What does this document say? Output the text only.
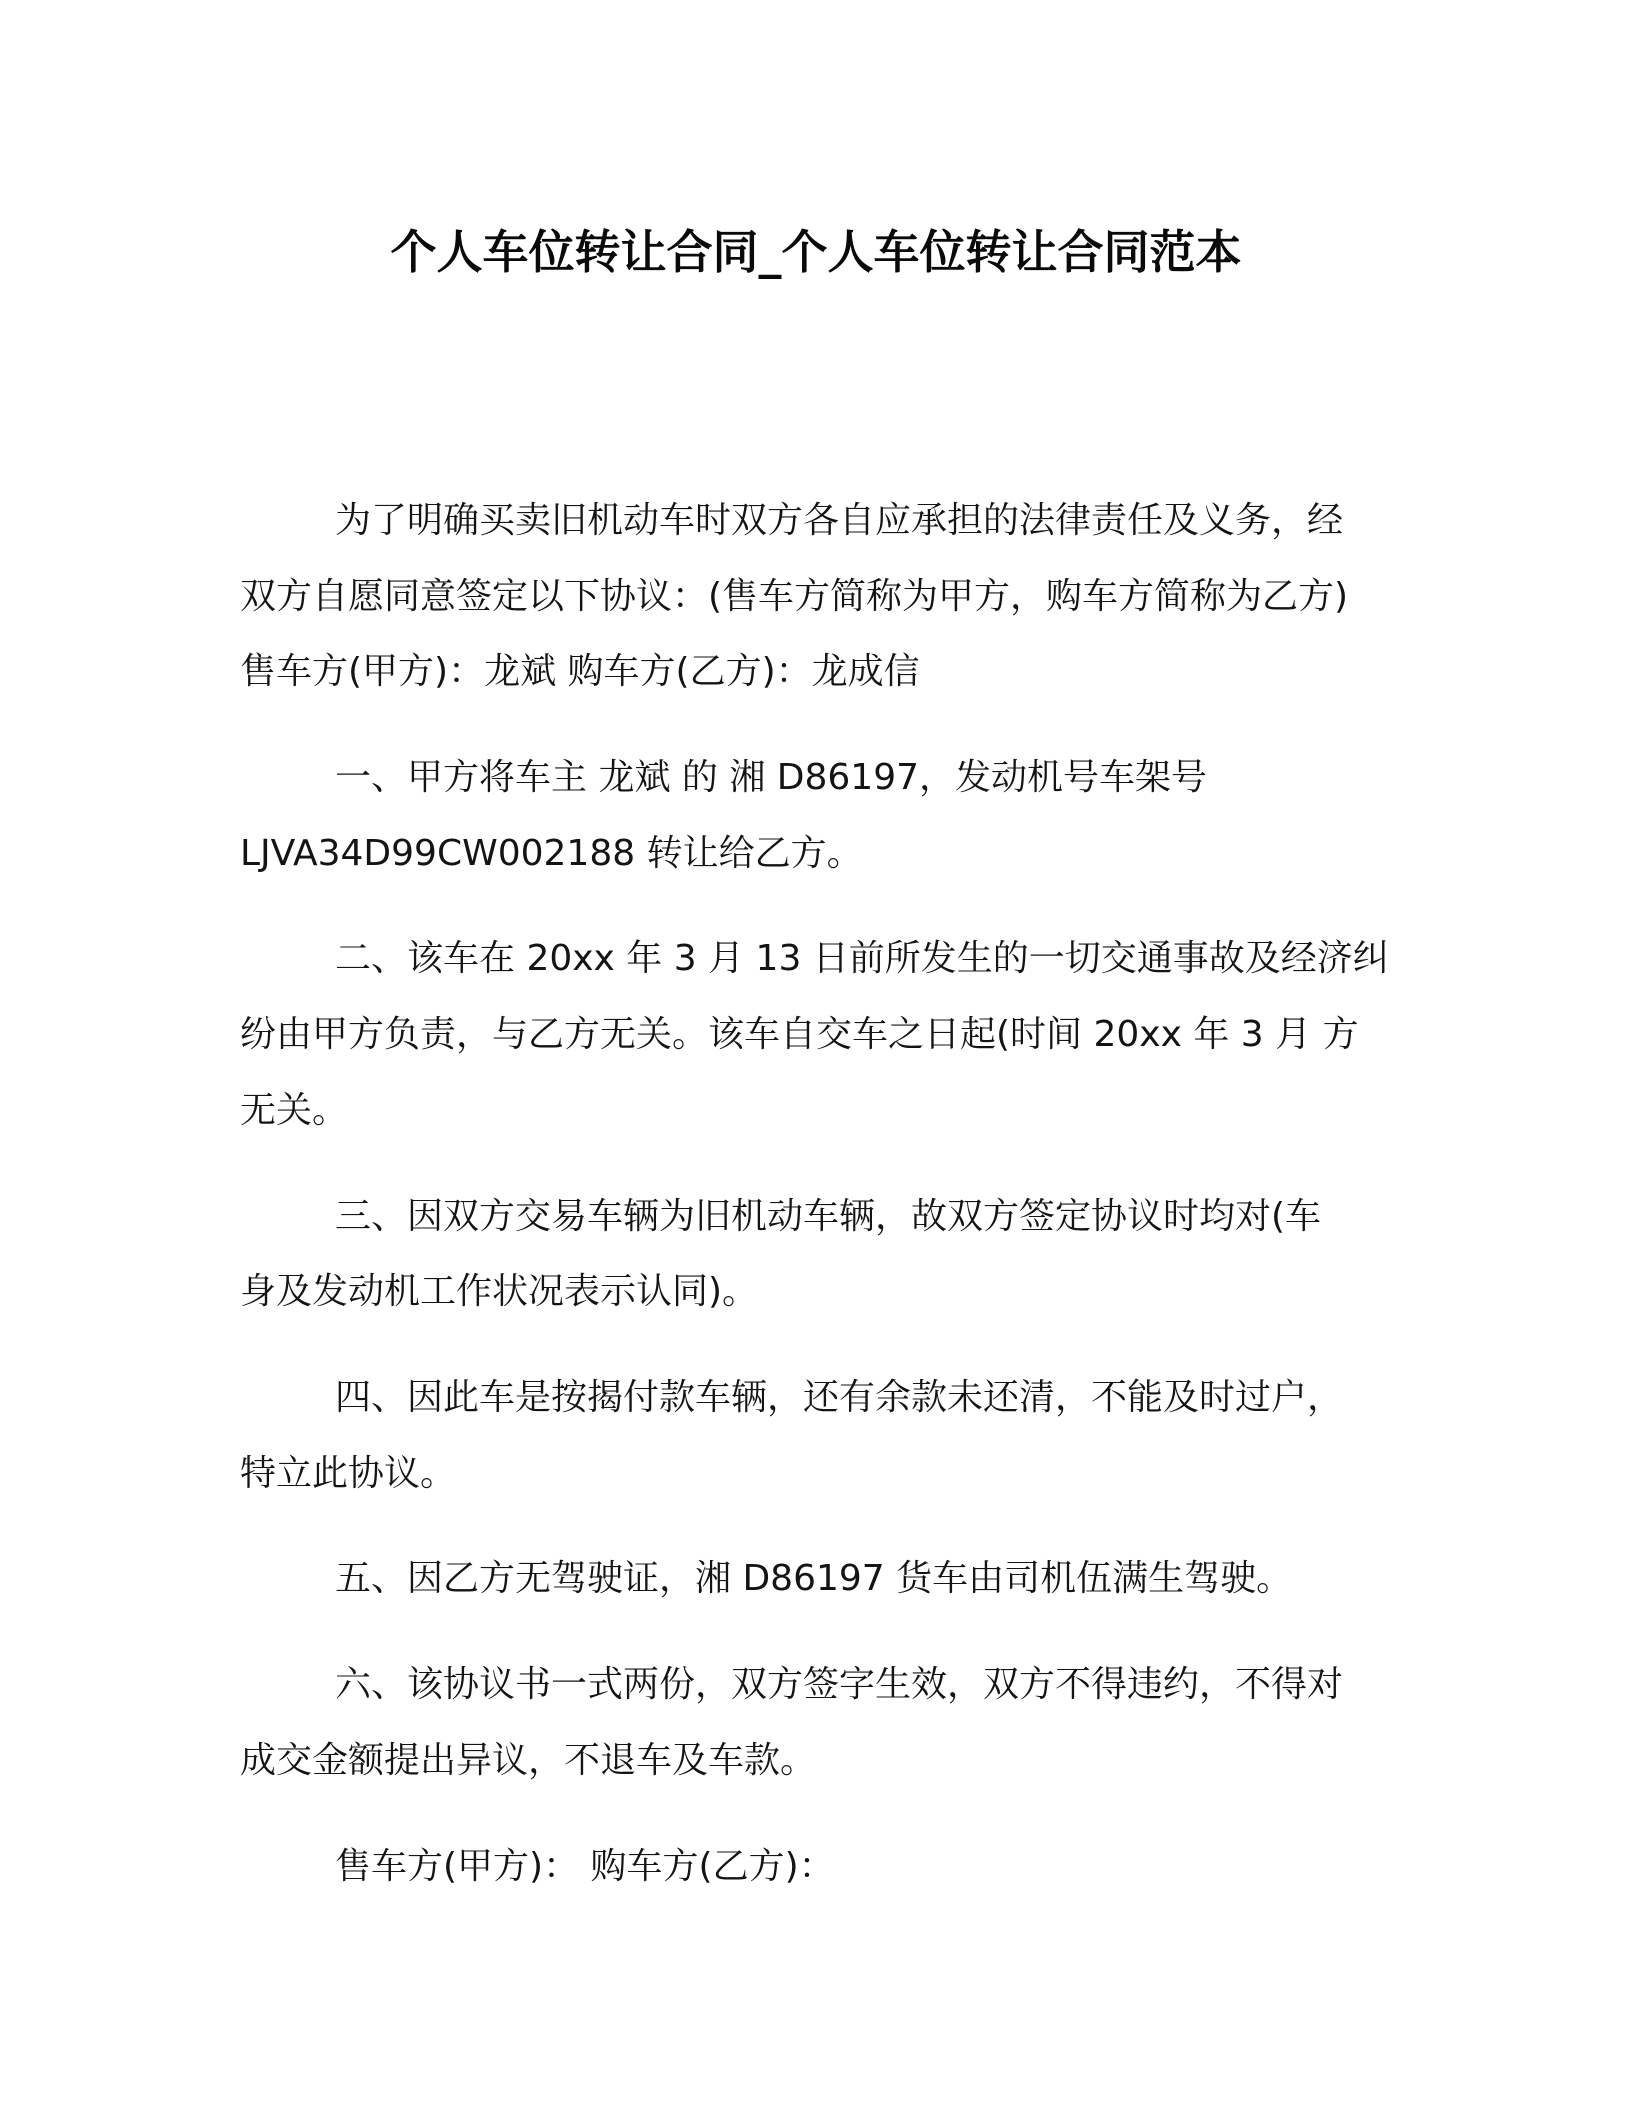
个人车位转让合同_个人车位转让合同范本
为了明确买卖旧机动车时双方各自应承担的法律责任及义务，经
双方自愿同意签定以下协议：(售车方简称为甲方，购车方简称为乙方)
售车方(甲方)：龙斌 购车方(乙方)：龙成信
一、甲方将车主 龙斌 的 湘 D86197，发动机号车架号
LJVA34D99CW002188 转让给乙方。
二、该车在 20xx 年 3 月 13 日前所发生的一切交通事故及经济纠
纷由甲方负责，与乙方无关。该车自交车之日起(时间 20xx 年 3 月 方
无关。
三、因双方交易车辆为旧机动车辆，故双方签定协议时均对(车
身及发动机工作状况表示认同)。
四、因此车是按揭付款车辆，还有余款未还清，不能及时过户，
特立此协议。
五、因乙方无驾驶证，湘 D86197 货车由司机伍满生驾驶。
六、该协议书一式两份，双方签字生效，双方不得违约，不得对
成交金额提出异议，不退车及车款。
售车方(甲方)： 购车方(乙方)：
